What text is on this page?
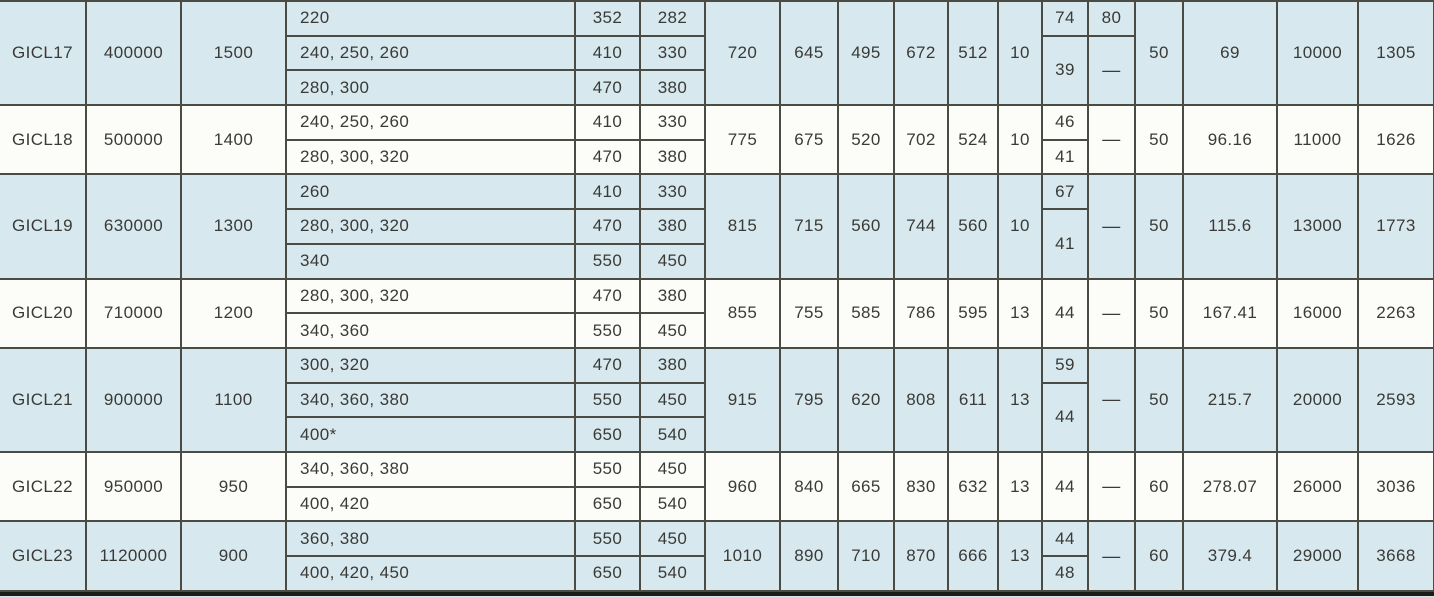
GICL17	400000	1500	220	352	282	720	645	495	672	512	10	74	80	50	69	10000	1305
			240, 250, 260	410	330							39	—				
			280, 300	470	380												
GICL18	500000	1400	240, 250, 260	410	330	775	675	520	702	524	10	46	—	50	96.16	11000	1626
			280, 300, 320	470	380							41					
GICL19	630000	1300	260	410	330	815	715	560	744	560	10	67	—	50	115.6	13000	1773
			280, 300, 320	470	380							41					
			340	550	450												
GICL20	710000	1200	280, 300, 320	470	380	855	755	585	786	595	13	44	—	50	167.41	16000	2263
			340, 360	550	450												
GICL21	900000	1100	300, 320	470	380	915	795	620	808	611	13	59	—	50	215.7	20000	2593
			340, 360, 380	550	450							44					
			400*	650	540												
GICL22	950000	950	340, 360, 380	550	450	960	840	665	830	632	13	44	—	60	278.07	26000	3036
			400, 420	650	540												
GICL23	1120000	900	360, 380	550	450	1010	890	710	870	666	13	44	—	60	379.4	29000	3668
			400, 420, 450	650	540							48					
